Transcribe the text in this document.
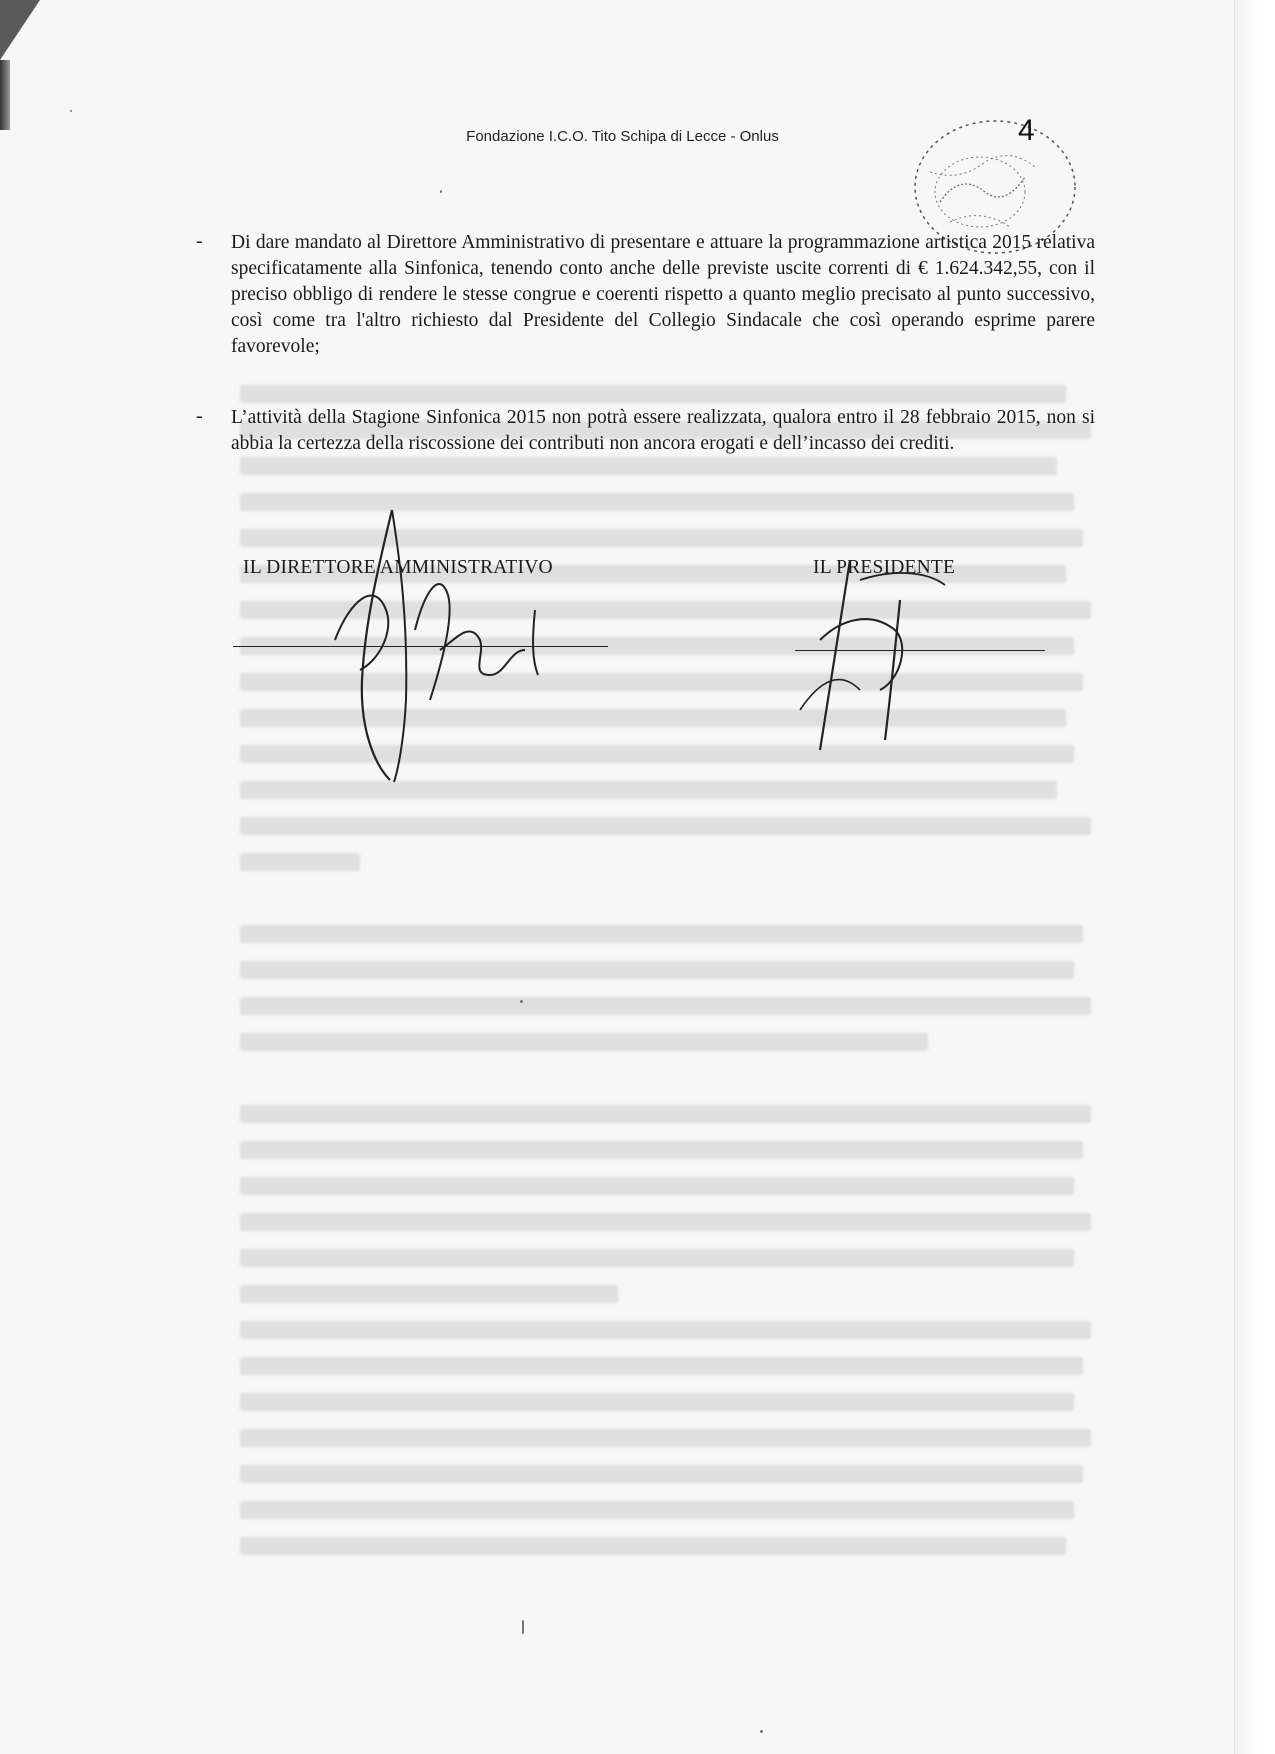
Fondazione I.C.O. Tito Schipa di Lecce - Onlus	4
- Di dare mandato al Direttore Amministrativo di presentare e attuare la programmazione artistica 2015 relativa specificatamente alla Sinfonica, tenendo conto anche delle previste uscite correnti di € 1.624.342,55, con il preciso obbligo di rendere le stesse congrue e coerenti rispetto a quanto meglio precisato al punto successivo, così come tra l'altro richiesto dal Presidente del Collegio Sindacale che così operando esprime parere favorevole;
- L’attività della Stagione Sinfonica 2015 non potrà essere realizzata, qualora entro il 28 febbraio 2015, non si abbia la certezza della riscossione dei contributi non ancora erogati e dell’incasso dei crediti.
IL DIRETTORE AMMINISTRATIVO	IL PRESIDENTE
